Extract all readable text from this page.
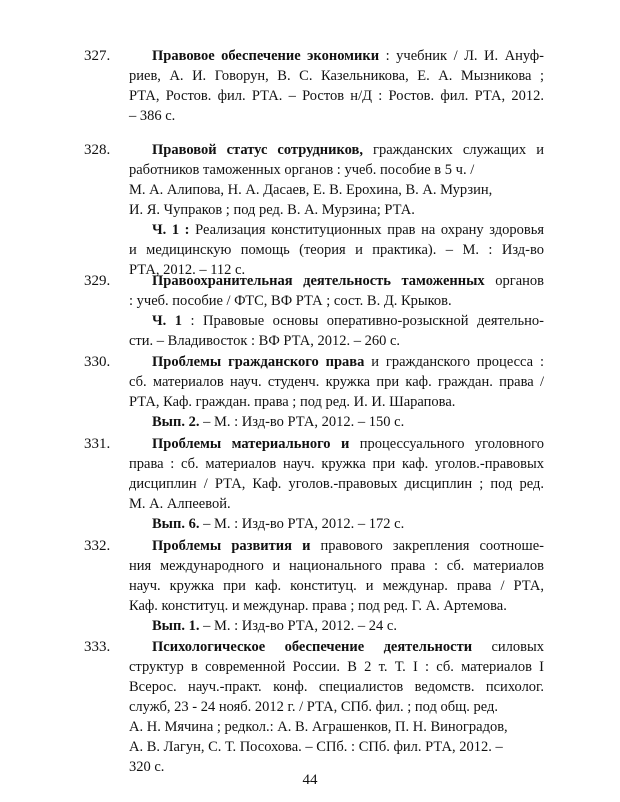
327.	Правовое обеспечение экономики : учебник / Л. И. Ануф-
риев, А. И. Говорун, В. С. Казельникова, Е. А. Мызникова ;
РТА, Ростов. фил. РТА. – Ростов н/Д : Ростов. фил. РТА, 2012.
– 386 с.
328.	Правовой статус сотрудников, гражданских служащих и
работников таможенных органов : учеб. пособие в 5 ч. /
М. А. Алипова, Н. А. Дасаев, Е. В. Ерохина, В. А. Мурзин,
И. Я. Чупраков ; под ред. В. А. Мурзина; РТА.
Ч. 1 : Реализация конституционных прав на охрану здоровья
и медицинскую помощь (теория и практика). – М. : Изд-во
РТА, 2012. – 112 с.
329.	Правоохранительная деятельность таможенных органов
: учеб. пособие / ФТС, ВФ РТА ; сост. В. Д. Крыков.
Ч. 1 : Правовые основы оперативно-розыскной деятельно-
сти. – Владивосток : ВФ РТА, 2012. – 260 с.
330.	Проблемы гражданского права и гражданского процесса :
сб. материалов науч. студенч. кружка при каф. граждан. права /
РТА, Каф. граждан. права ; под ред. И. И. Шарапова.
Вып. 2. – М. : Изд-во РТА, 2012. – 150 с.
331.	Проблемы материального и процессуального уголовного
права : сб. материалов науч. кружка при каф. уголов.-правовых
дисциплин / РТА, Каф. уголов.-правовых дисциплин ; под ред.
М. А. Алпеевой.
Вып. 6. – М. : Изд-во РТА, 2012. – 172 с.
332.	Проблемы развития и правового закрепления соотноше-
ния международного и национального права : сб. материалов
науч. кружка при каф. конституц. и междунар. права / РТА,
Каф. конституц. и междунар. права ; под ред. Г. А. Артемова.
Вып. 1. – М. : Изд-во РТА, 2012. – 24 с.
333.	Психологическое обеспечение деятельности силовых
структур в современной России. В 2 т. Т. I : сб. материалов I
Всерос. науч.-практ. конф. специалистов ведомств. психолог.
служб, 23 - 24 нояб. 2012 г. / РТА, СПб. фил. ; под общ. ред.
А. Н. Мячина ; редкол.: А. В. Аграшенков, П. Н. Виноградов,
А. В. Лагун, С. Т. Посохова. – СПб. : СПб. фил. РТА, 2012. –
320 с.
44
